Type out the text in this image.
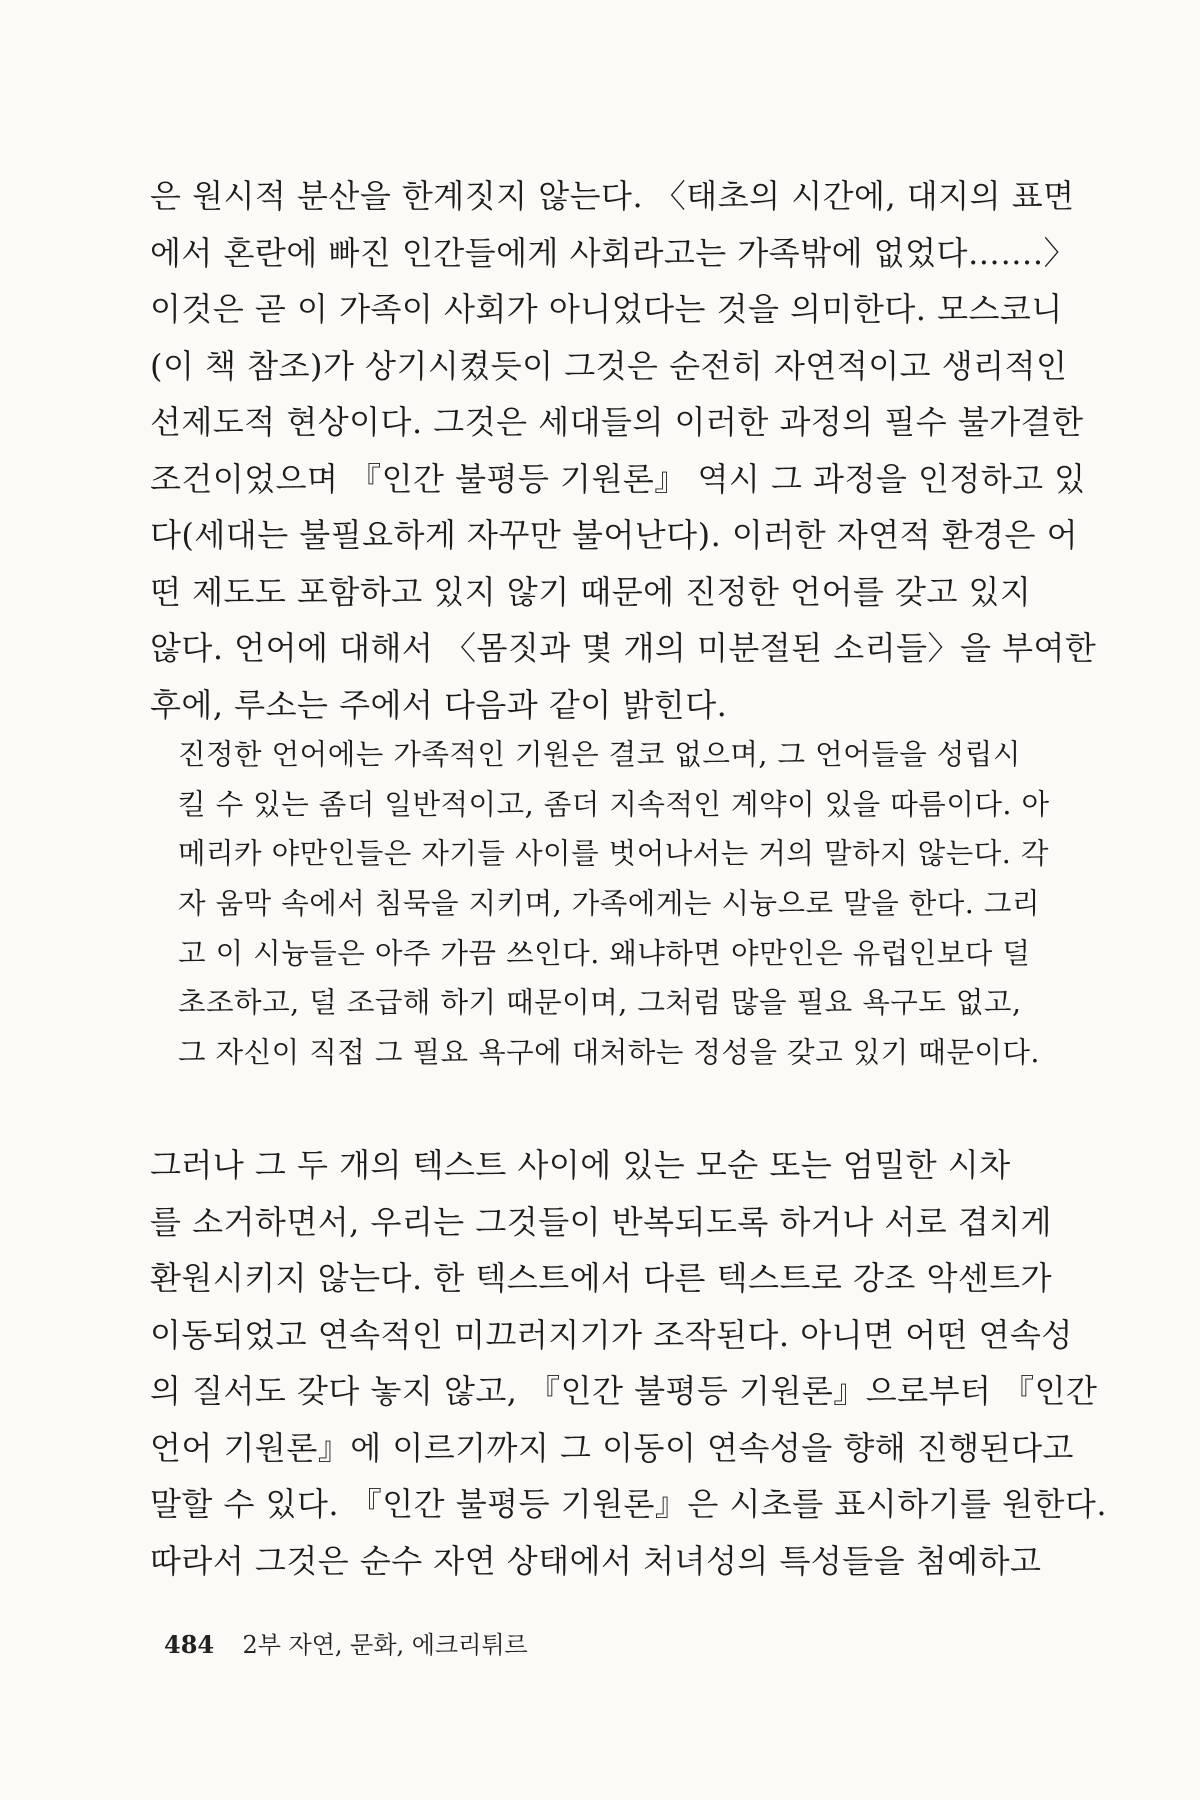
은 원시적 분산을 한계짓지 않는다. 〈태초의 시간에, 대지의 표면
에서 혼란에 빠진 인간들에게 사회라고는 가족밖에 없었다…….〉
이것은 곧 이 가족이 사회가 아니었다는 것을 의미한다. 모스코니
(이 책 참조)가 상기시켰듯이 그것은 순전히 자연적이고 생리적인
선제도적 현상이다. 그것은 세대들의 이러한 과정의 필수 불가결한
조건이었으며 『인간 불평등 기원론』 역시 그 과정을 인정하고 있
다(세대는 불필요하게 자꾸만 불어난다). 이러한 자연적 환경은 어
떤 제도도 포함하고 있지 않기 때문에 진정한 언어를 갖고 있지
않다. 언어에 대해서 〈몸짓과 몇 개의 미분절된 소리들〉을 부여한
후에, 루소는 주에서 다음과 같이 밝힌다.
진정한 언어에는 가족적인 기원은 결코 없으며, 그 언어들을 성립시
킬 수 있는 좀더 일반적이고, 좀더 지속적인 계약이 있을 따름이다. 아
메리카 야만인들은 자기들 사이를 벗어나서는 거의 말하지 않는다. 각
자 움막 속에서 침묵을 지키며, 가족에게는 시늉으로 말을 한다. 그리
고 이 시늉들은 아주 가끔 쓰인다. 왜냐하면 야만인은 유럽인보다 덜
초조하고, 덜 조급해 하기 때문이며, 그처럼 많을 필요 욕구도 없고,
그 자신이 직접 그 필요 욕구에 대처하는 정성을 갖고 있기 때문이다.
그러나 그 두 개의 텍스트 사이에 있는 모순 또는 엄밀한 시차
를 소거하면서, 우리는 그것들이 반복되도록 하거나 서로 겹치게
환원시키지 않는다. 한 텍스트에서 다른 텍스트로 강조 악센트가
이동되었고 연속적인 미끄러지기가 조작된다. 아니면 어떤 연속성
의 질서도 갖다 놓지 않고, 『인간 불평등 기원론』으로부터 『인간
언어 기원론』에 이르기까지 그 이동이 연속성을 향해 진행된다고
말할 수 있다. 『인간 불평등 기원론』은 시초를 표시하기를 원한다.
따라서 그것은 순수 자연 상태에서 처녀성의 특성들을 첨예하고
484 2부 자연, 문화, 에크리튀르
